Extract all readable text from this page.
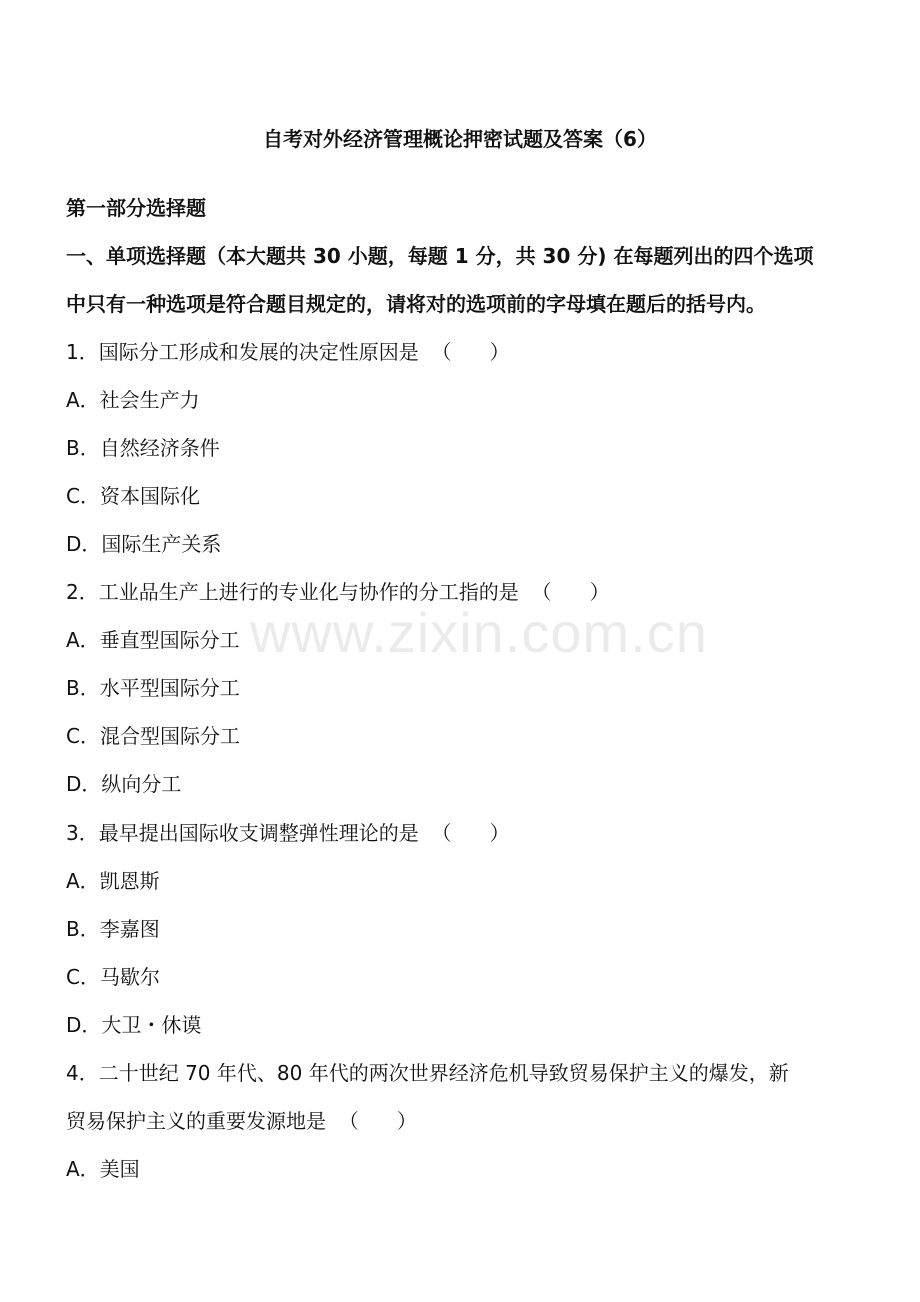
自考对外经济管理概论押密试题及答案（6）
第一部分选择题
一、单项选择题（本大题共 30 小题，每题 1 分，共 30 分) 在每题列出的四个选项
中只有一种选项是符合题目规定的，请将对的选项前的字母填在题后的括号内。
1．国际分工形成和发展的决定性原因是  （      ）
A．社会生产力
B．自然经济条件
C．资本国际化
D．国际生产关系
2．工业品生产上进行的专业化与协作的分工指的是  （      ）
A．垂直型国际分工
B．水平型国际分工
C．混合型国际分工
D．纵向分工
3．最早提出国际收支调整弹性理论的是  （      ）
A．凯恩斯
B．李嘉图
C．马歇尔
D．大卫・休谟
4．二十世纪 70 年代、80 年代的两次世界经济危机导致贸易保护主义的爆发，新
贸易保护主义的重要发源地是  （      ）
A．美国
www.zixin.com.cn
